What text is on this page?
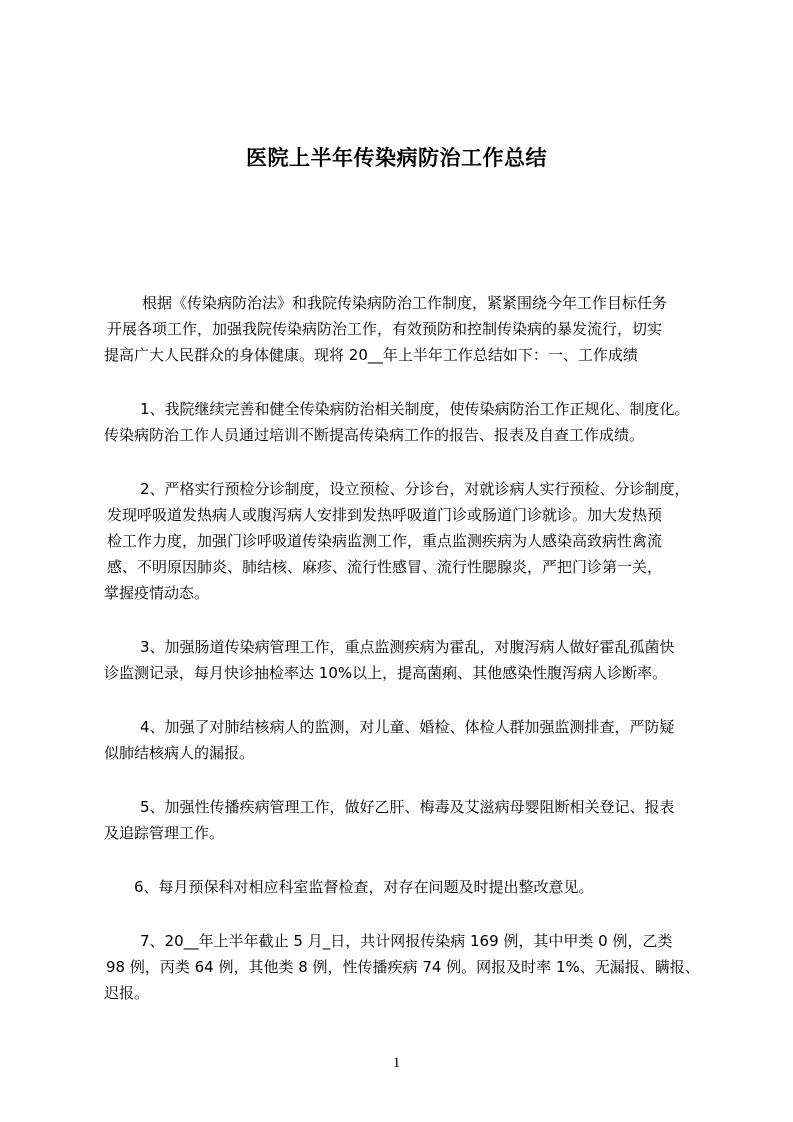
医院上半年传染病防治工作总结
根据《传染病防治法》和我院传染病防治工作制度，紧紧围绕今年工作目标任务
开展各项工作，加强我院传染病防治工作，有效预防和控制传染病的暴发流行，切实
提高广大人民群众的身体健康。现将 20__年上半年工作总结如下：一、工作成绩
1、我院继续完善和健全传染病防治相关制度，使传染病防治工作正规化、制度化。
传染病防治工作人员通过培训不断提高传染病工作的报告、报表及自查工作成绩。
2、严格实行预检分诊制度，设立预检、分诊台，对就诊病人实行预检、分诊制度，
发现呼吸道发热病人或腹泻病人安排到发热呼吸道门诊或肠道门诊就诊。加大发热预
检工作力度，加强门诊呼吸道传染病监测工作，重点监测疾病为人感染高致病性禽流
感、不明原因肺炎、肺结核、麻疹、流行性感冒、流行性腮腺炎，严把门诊第一关，
掌握疫情动态。
3、加强肠道传染病管理工作，重点监测疾病为霍乱，对腹泻病人做好霍乱孤菌快
诊监测记录，每月快诊抽检率达 10%以上，提高菌痢、其他感染性腹泻病人诊断率。
4、加强了对肺结核病人的监测，对儿童、婚检、体检人群加强监测排查，严防疑
似肺结核病人的漏报。
5、加强性传播疾病管理工作，做好乙肝、梅毒及艾滋病母婴阻断相关登记、报表
及追踪管理工作。
6、每月预保科对相应科室监督检查，对存在问题及时提出整改意见。
7、20__年上半年截止 5 月_日，共计网报传染病 169 例，其中甲类 0 例，乙类
98 例，丙类 64 例，其他类 8 例，性传播疾病 74 例。网报及时率 1%、无漏报、瞒报、
迟报。
1
